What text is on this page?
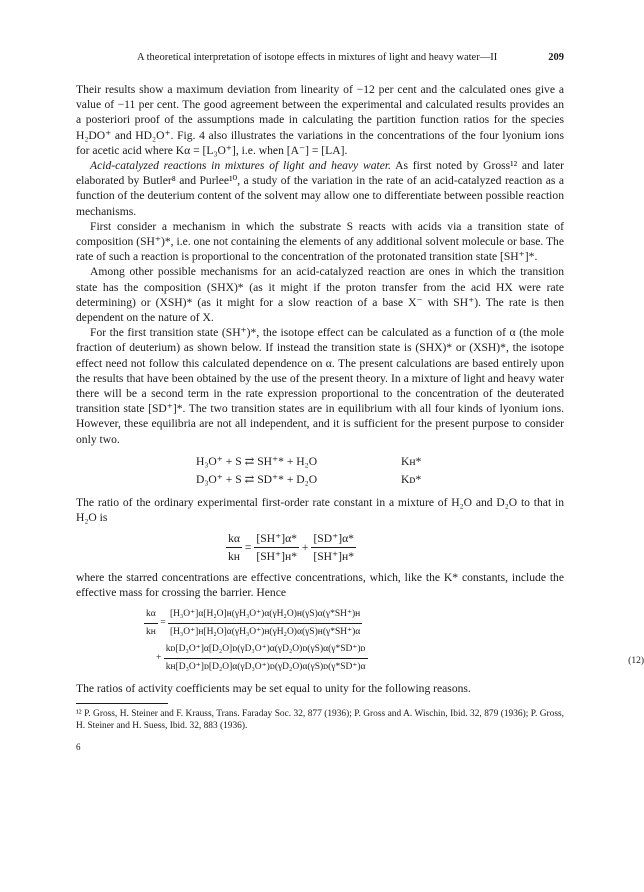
A theoretical interpretation of isotope effects in mixtures of light and heavy water—II	209

Their results show a maximum deviation from linearity of −12 per cent and the calculated ones give a value of −11 per cent. The good agreement between the experimental and calculated results provides an a posteriori proof of the assumptions made in calculating the partition function ratios for the species H₂DO⁺ and HD₂O⁺. Fig. 4 also illustrates the variations in the concentrations of the four lyonium ions for acetic acid where Kα = [L₃O⁺], i.e. when [A⁻] = [LA].

Acid-catalyzed reactions in mixtures of light and heavy water. As first noted by Gross¹² and later elaborated by Butler⁸ and Purlee¹⁰, a study of the variation in the rate of an acid-catalyzed reaction as a function of the deuterium content of the solvent may allow one to differentiate between possible reaction mechanisms.

First consider a mechanism in which the substrate S reacts with acids via a transition state of composition (SH⁺)*, i.e. one not containing the elements of any additional solvent molecule or base. The rate of such a reaction is proportional to the concentration of the protonated transition state [SH⁺]*.

Among other possible mechanisms for an acid-catalyzed reaction are ones in which the transition state has the composition (SHX)* (as it might if the proton transfer from the acid HX were rate determining) or (XSH)* (as it might for a slow reaction of a base X⁻ with SH⁺). The rate is then dependent on the nature of X.

For the first transition state (SH⁺)*, the isotope effect can be calculated as a function of α (the mole fraction of deuterium) as shown below. If instead the transition state is (SHX)* or (XSH)*, the isotope effect need not follow this calculated dependence on α. The present calculations are based entirely upon the results that have been obtained by the use of the present theory. In a mixture of light and heavy water there will be a second term in the rate expression proportional to the concentration of the deuterated transition state [SD⁺]*. The two transition states are in equilibrium with all four kinds of lyonium ions. However, these equilibria are not all independent, and it is sufficient for the present purpose to consider only two.

H₃O⁺ + S ⇄ SH⁺* + H₂O	Kʜ*
D₃O⁺ + S ⇄ SD⁺* + D₂O	Kᴅ*

The ratio of the ordinary experimental first-order rate constant in a mixture of H₂O and D₂O to that in H₂O is

$\frac{k\alpha}{\text{kʜ}} = \frac{[SH^+]\alpha*}{\text{[SH⁺]ʜ*}} + \frac{[SD^+]\alpha*}{\text{[SH⁺]ʜ*}}$

where the starred concentrations are effective concentrations, which, like the K* constants, include the effective mass for crossing the barrier. Hence

$\frac{k\alpha}{\text{kʜ}} = \frac{\text{[H₃O⁺]α[H₂O]ʜ(γH₃O⁺)α(γH₂O)ʜ(γS)α(γ*SH⁺)ʜ}}{\text{[H₃O⁺]ʜ[H₂O]α(γH₃O⁺)ʜ(γH₂O)α(γS)ʜ(γ*SH⁺)α}}$
+ $\frac{\text{kᴅ[D₃O⁺]α[D₂O]ᴅ(γD₃O⁺)α(γD₂O)ᴅ(γS)α(γ*SD⁺)ᴅ}}{\text{kʜ[D₃O⁺]ᴅ[D₂O]α(γD₃O⁺)ᴅ(γD₂O)α(γS)ᴅ(γ*SD⁺)α}}$	(12)

The ratios of activity coefficients may be set equal to unity for the following reasons.

¹² P. Gross, H. Steiner and F. Krauss, Trans. Faraday Soc. 32, 877 (1936); P. Gross and A. Wischin, Ibid. 32, 879 (1936); P. Gross, H. Steiner and H. Suess, Ibid. 32, 883 (1936).

6
